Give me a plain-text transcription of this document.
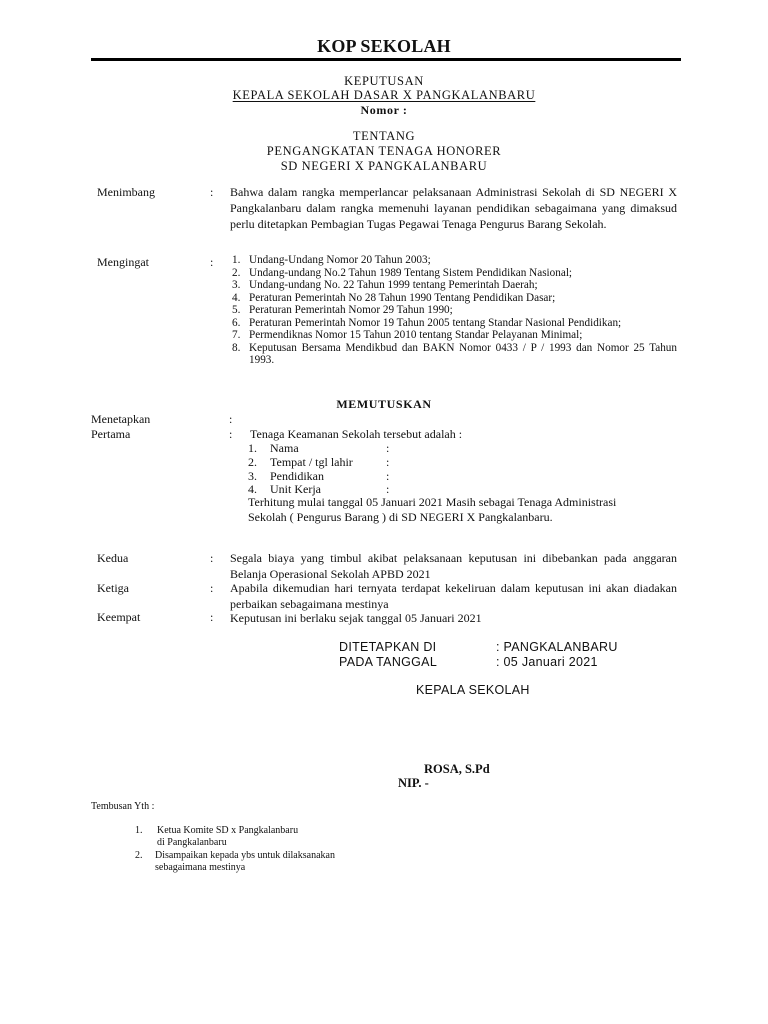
KOP SEKOLAH
KEPUTUSAN
KEPALA SEKOLAH DASAR X PANGKALANBARU
Nomor :
TENTANG
PENGANGKATAN TENAGA HONORER
SD NEGERI X PANGKALANBARU
Menimbang	: Bahwa dalam rangka memperlancar pelaksanaan Administrasi Sekolah di SD NEGERI X Pangkalanbaru dalam rangka memenuhi layanan pendidikan sebagaimana yang dimaksud perlu ditetapkan Pembagian Tugas Pegawai Tenaga Pengurus Barang Sekolah.
Mengingat	: 1. Undang-Undang Nomor 20 Tahun 2003;
2. Undang-undang No.2 Tahun 1989 Tentang Sistem Pendidikan Nasional;
3. Undang-undang No. 22 Tahun 1999 tentang Pemerintah Daerah;
4. Peraturan Pemerintah No 28 Tahun 1990 Tentang Pendidikan Dasar;
5. Peraturan Pemerintah Nomor 29 Tahun 1990;
6. Peraturan Pemerintah Nomor 19 Tahun 2005 tentang Standar Nasional Pendidikan;
7. Permendiknas Nomor 15 Tahun 2010 tentang Standar Pelayanan Minimal;
8. Keputusan Bersama Mendikbud dan BAKN Nomor 0433 / P / 1993 dan Nomor 25 Tahun 1993.
MEMUTUSKAN
Menetapkan	:
Pertama	: Tenaga Keamanan Sekolah tersebut adalah :
1. Nama	:
2. Tempat / tgl lahir	:
3. Pendidikan	:
4. Unit Kerja	:
Terhitung mulai tanggal 05 Januari 2021 Masih sebagai Tenaga Administrasi Sekolah ( Pengurus Barang ) di SD NEGERI X Pangkalanbaru.
Kedua	: Segala biaya yang timbul akibat pelaksanaan keputusan ini dibebankan pada anggaran Belanja Operasional Sekolah APBD 2021
Ketiga	: Apabila dikemudian hari ternyata terdapat kekeliruan dalam keputusan ini akan diadakan perbaikan sebagaimana mestinya
Keempat	: Keputusan ini berlaku sejak tanggal 05 Januari 2021
DITETAPKAN DI	: PANGKALANBARU
PADA TANGGAL	: 05 Januari 2021
KEPALA SEKOLAH
ROSA, S.Pd
NIP. -
Tembusan Yth :
1. Ketua Komite SD x Pangkalanbaru
di Pangkalanbaru
2. Disampaikan kepada ybs untuk dilaksanakan
sebagaimana mestinya
